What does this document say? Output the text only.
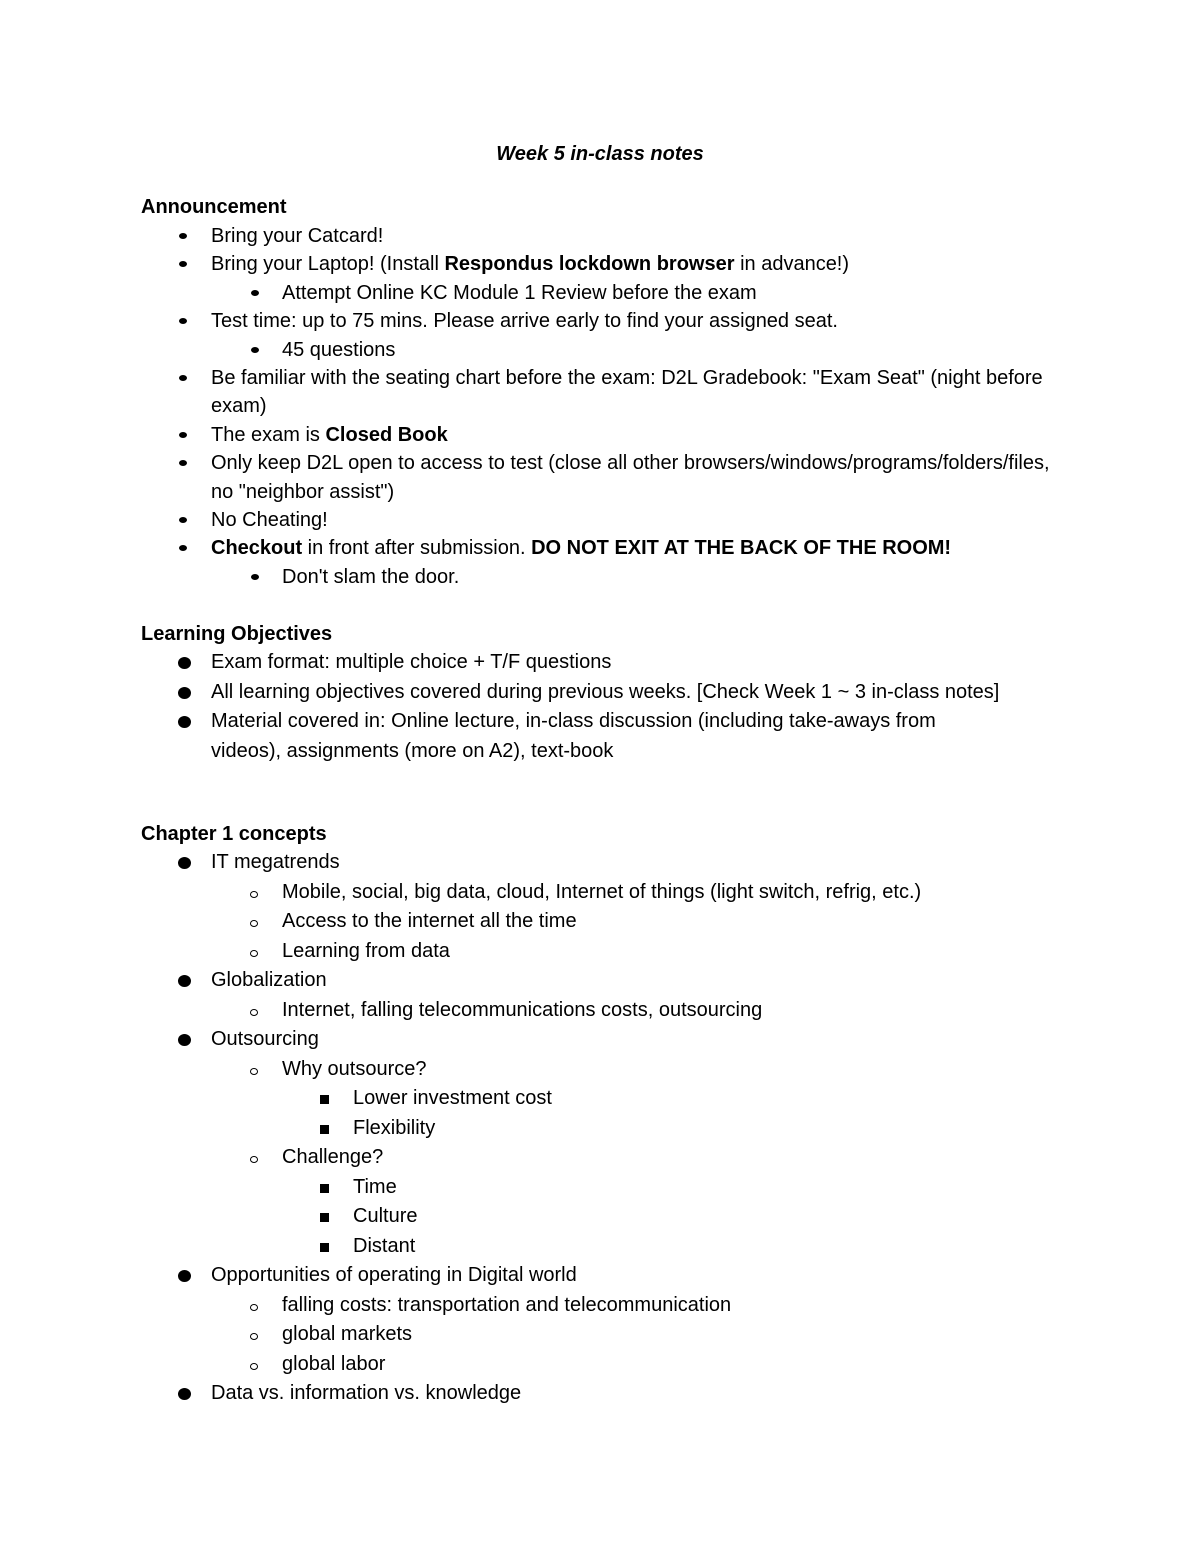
Week 5 in-class notes
Announcement
Bring your Catcard!
Bring your Laptop! (Install Respondus lockdown browser in advance!)
Attempt Online KC Module 1 Review before the exam
Test time: up to 75 mins. Please arrive early to find your assigned seat.
45 questions
Be familiar with the seating chart before the exam: D2L Gradebook: "Exam Seat" (night before exam)
The exam is Closed Book
Only keep D2L open to access to test (close all other browsers/windows/programs/folders/files, no "neighbor assist")
No Cheating!
Checkout in front after submission. DO NOT EXIT AT THE BACK OF THE ROOM!
Don't slam the door.
Learning Objectives
Exam format: multiple choice + T/F questions
All learning objectives covered during previous weeks. [Check Week 1 ~ 3 in-class notes]
Material covered in: Online lecture, in-class discussion (including take-aways from videos), assignments (more on A2), text-book
Chapter 1 concepts
IT megatrends
Mobile, social, big data, cloud, Internet of things (light switch, refrig, etc.)
Access to the internet all the time
Learning from data
Globalization
Internet, falling telecommunications costs, outsourcing
Outsourcing
Why outsource?
Lower investment cost
Flexibility
Challenge?
Time
Culture
Distant
Opportunities of operating in Digital world
falling costs: transportation and telecommunication
global markets
global labor
Data vs. information vs. knowledge
